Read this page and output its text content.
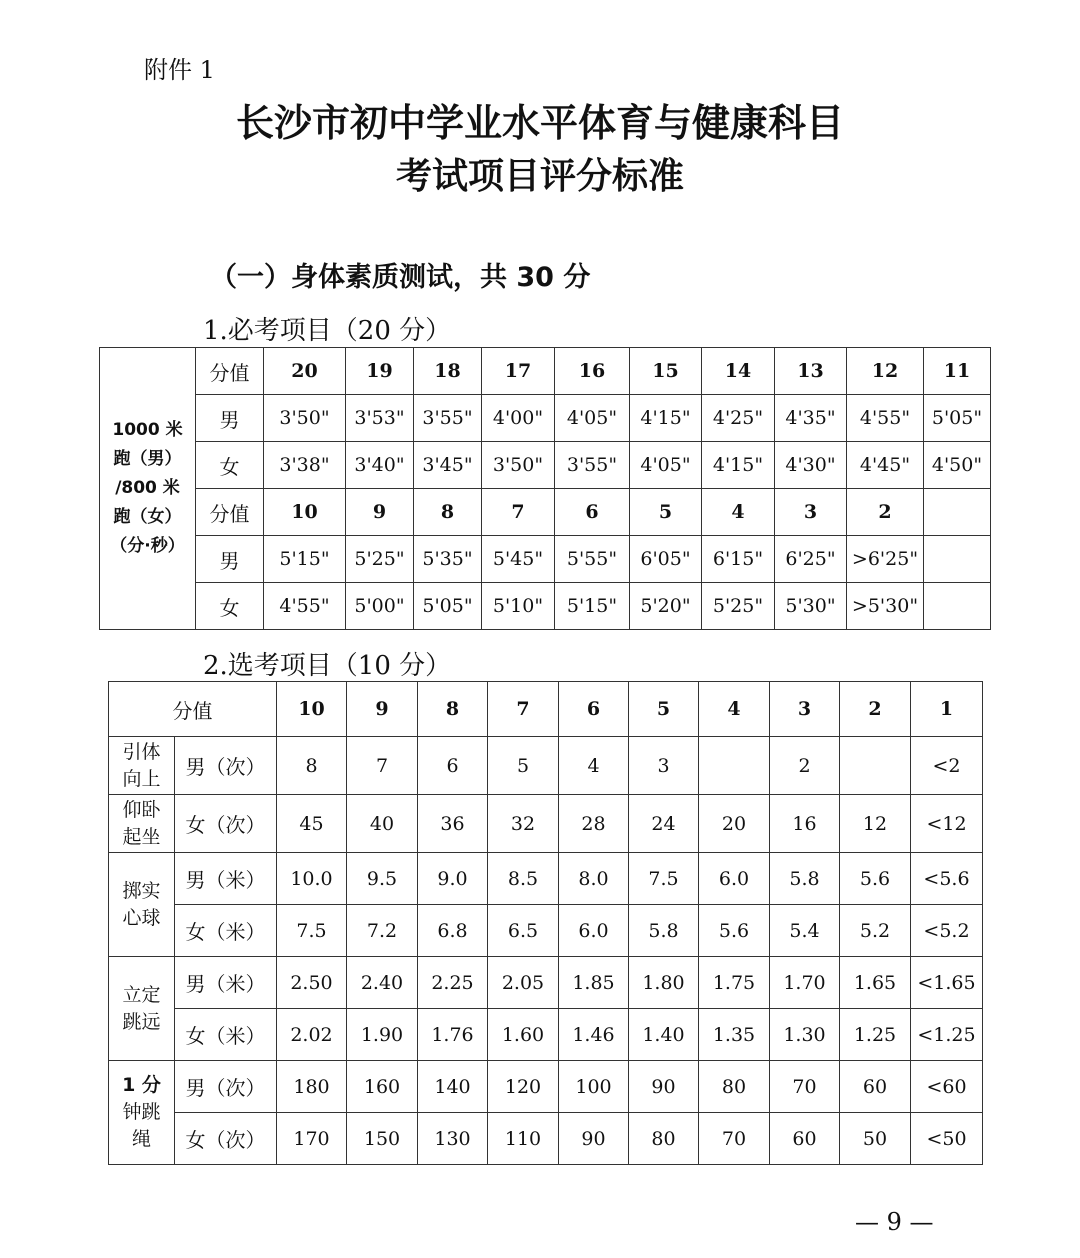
附件 1
长沙市初中学业水平体育与健康科目
考试项目评分标准
（一）身体素质测试，共 30 分
1.必考项目（20 分）
1000 米
跑（男）
/800 米
跑（女）
（分·秒）	分值	20	19	18	17	16	15	14	13	12	11
	男	3'50"	3'53"	3'55"	4'00"	4'05"	4'15"	4'25"	4'35"	4'55"	5'05"
	女	3'38"	3'40"	3'45"	3'50"	3'55"	4'05"	4'15"	4'30"	4'45"	4'50"
	分值	10	9	8	7	6	5	4	3	2	
	男	5'15"	5'25"	5'35"	5'45"	5'55"	6'05"	6'15"	6'25"	>6'25"	
	女	4'55"	5'00"	5'05"	5'10"	5'15"	5'20"	5'25"	5'30"	>5'30"	
2.选考项目（10 分）
分值		10	9	8	7	6	5	4	3	2	1

引体
向上	男（次）	8	7	6	5	4	3		2		<2

仰卧
起坐	女（次）	45	40	36	32	28	24	20	16	12	<12

掷实
心球	男（米）	10.0	9.5	9.0	8.5	8.0	7.5	6.0	5.8	5.6	<5.6
	女（米）	7.5	7.2	6.8	6.5	6.0	5.8	5.6	5.4	5.2	<5.2

立定
跳远	男（米）	2.50	2.40	2.25	2.05	1.85	1.80	1.75	1.70	1.65	<1.65
	女（米）	2.02	1.90	1.76	1.60	1.46	1.40	1.35	1.30	1.25	<1.25

1 分
钟跳
绳	男（次）	180	160	140	120	100	90	80	70	60	<60
	女（次）	170	150	130	110	90	80	70	60	50	<50
— 9 —
